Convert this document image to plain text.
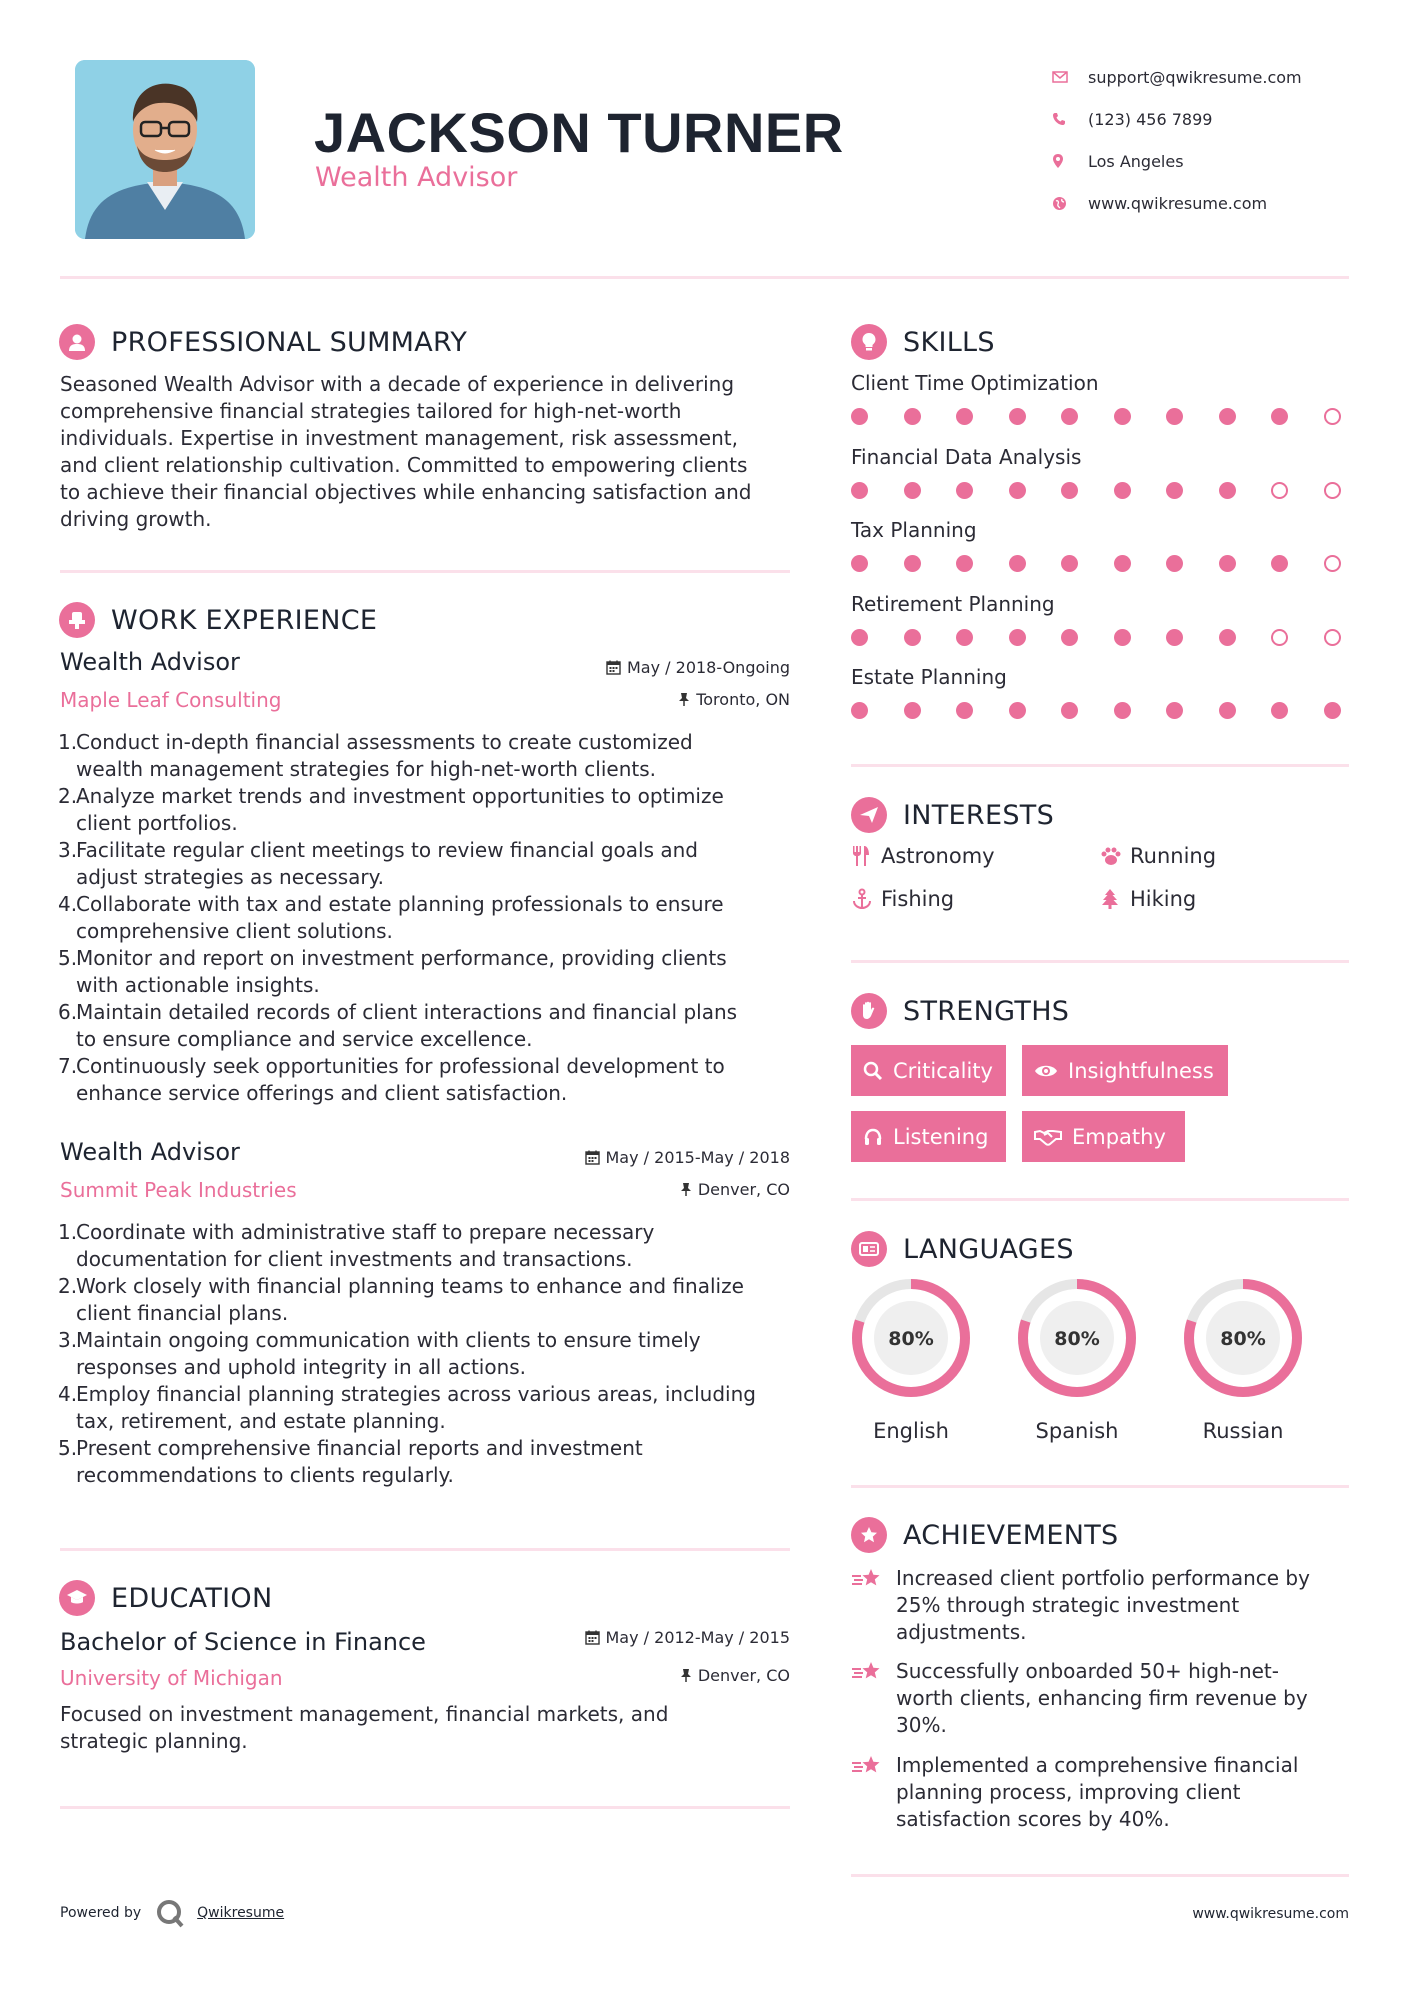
JACKSON TURNER
Wealth Advisor
support@qwikresume.com
(123) 456 7899
Los Angeles
www.qwikresume.com
PROFESSIONAL SUMMARY
Seasoned Wealth Advisor with a decade of experience in delivering
comprehensive financial strategies tailored for high-net-worth
individuals. Expertise in investment management, risk assessment,
and client relationship cultivation. Committed to empowering clients
to achieve their financial objectives while enhancing satisfaction and
driving growth.
WORK EXPERIENCE
Wealth Advisor	May / 2018-Ongoing
Maple Leaf Consulting	Toronto, ON
1.
Conduct in-depth financial assessments to create customized
wealth management strategies for high-net-worth clients.
2.
Analyze market trends and investment opportunities to optimize
client portfolios.
3.
Facilitate regular client meetings to review financial goals and
adjust strategies as necessary.
4.
Collaborate with tax and estate planning professionals to ensure
comprehensive client solutions.
5.
Monitor and report on investment performance, providing clients
with actionable insights.
6.
Maintain detailed records of client interactions and financial plans
to ensure compliance and service excellence.
7.
Continuously seek opportunities for professional development to
enhance service offerings and client satisfaction.
Wealth Advisor	May / 2015-May / 2018
Summit Peak Industries	Denver, CO
1.
Coordinate with administrative staff to prepare necessary
documentation for client investments and transactions.
2.
Work closely with financial planning teams to enhance and finalize
client financial plans.
3.
Maintain ongoing communication with clients to ensure timely
responses and uphold integrity in all actions.
4.
Employ financial planning strategies across various areas, including
tax, retirement, and estate planning.
5.
Present comprehensive financial reports and investment
recommendations to clients regularly.
EDUCATION
Bachelor of Science in Finance	May / 2012-May / 2015
University of Michigan	Denver, CO
Focused on investment management, financial markets, and
strategic planning.
SKILLS
Client Time Optimization
Financial Data Analysis
Tax Planning
Retirement Planning
Estate Planning
INTERESTS
Astronomy	Running
Fishing	Hiking
STRENGTHS
Criticality	Insightfulness
Listening	Empathy
LANGUAGES
80%
English
80%
Spanish
80%
Russian
ACHIEVEMENTS
Increased client portfolio performance by
25% through strategic investment
adjustments.
Successfully onboarded 50+ high-net-
worth clients, enhancing firm revenue by
30%.
Implemented a comprehensive financial
planning process, improving client
satisfaction scores by 40%.
Powered by	Qwikresume	www.qwikresume.com
